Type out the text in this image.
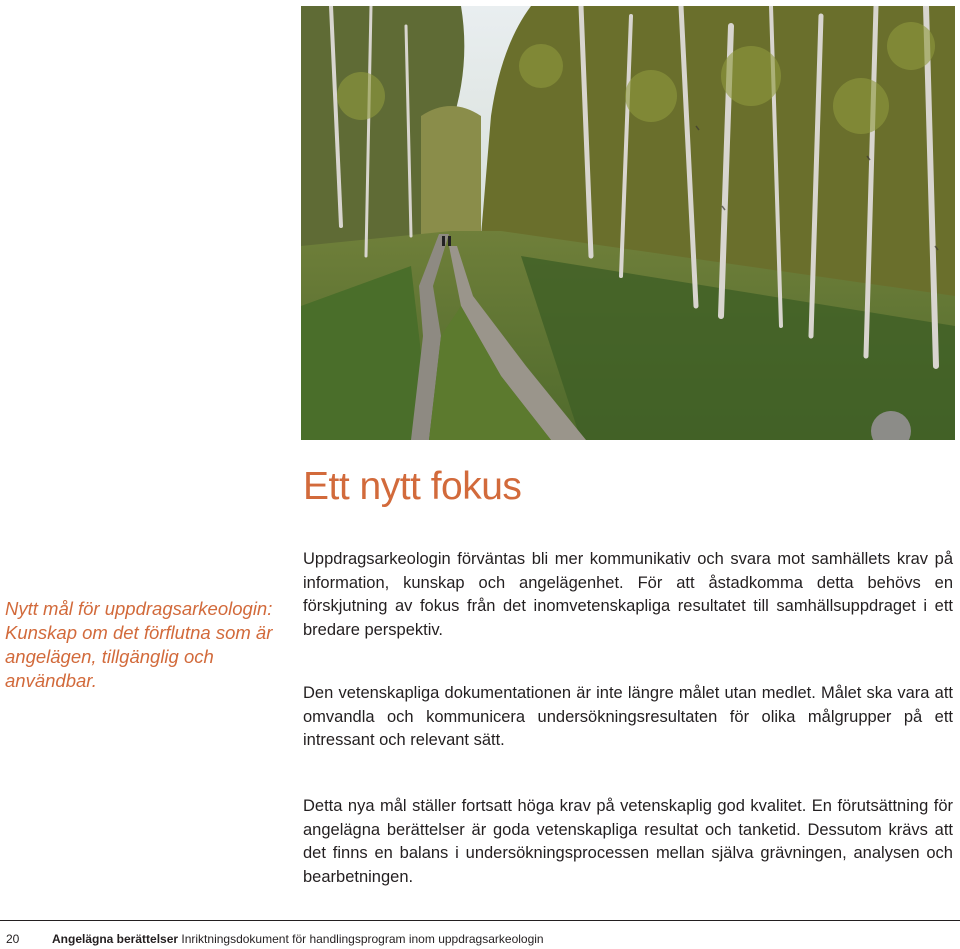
Ett nytt fokus

Nytt mål för uppdragsarkeologin: Kunskap om det förflutna som är angelägen, tillgänglig och användbar.

Uppdragsarkeologin förväntas bli mer kommunikativ och svara mot samhällets krav på information, kunskap och angelägenhet. För att åstadkomma detta behövs en förskjutning av fokus från det inomvetenskapliga resultatet till samhällsuppdraget i ett bredare perspektiv.

Den vetenskapliga dokumentationen är inte längre målet utan medlet. Målet ska vara att omvandla och kommunicera undersökningsresultaten för olika målgrupper på ett intressant och relevant sätt.

Detta nya mål ställer fortsatt höga krav på vetenskaplig god kvalitet. En förutsättning för angelägna berättelser är goda vetenskapliga resultat och tanketid. Dessutom krävs att det finns en balans i undersökningsprocessen mellan själva grävningen, analysen och bearbetningen.

20	Angelägna berättelser Inriktningsdokument för handlingsprogram inom uppdragsarkeologin
